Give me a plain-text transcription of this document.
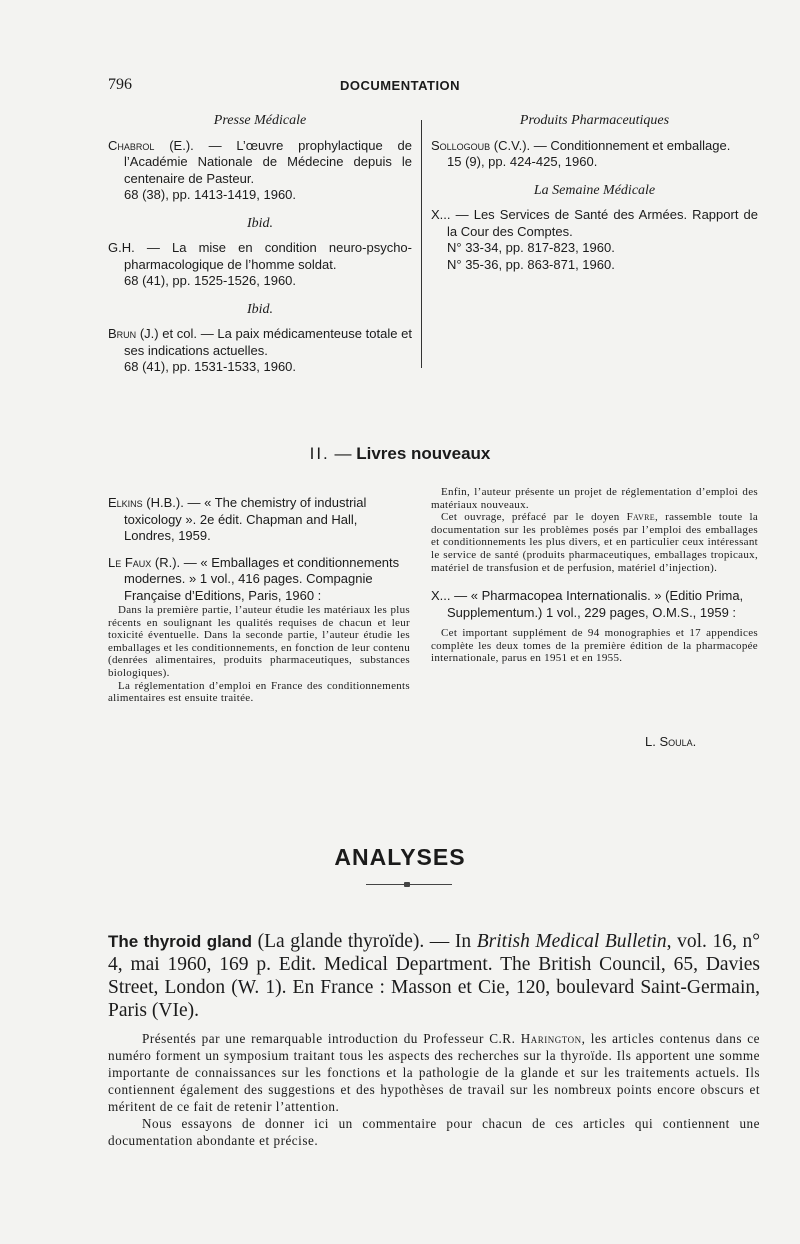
796	DOCUMENTATION
Presse Médicale
Chabrol (E.). — L’œuvre prophylactique de l’Académie Nationale de Médecine depuis le centenaire de Pasteur.
68 (38), pp. 1413-1419, 1960.
Ibid.
G.H. — La mise en condition neuro-psycho-pharmacologique de l’homme soldat.
68 (41), pp. 1525-1526, 1960.
Ibid.
Brun (J.) et col. — La paix médicamenteuse totale et ses indications actuelles.
68 (41), pp. 1531-1533, 1960.
Produits Pharmaceutiques
Sollogoub (C.V.). — Conditionnement et emballage.
15 (9), pp. 424-425, 1960.
La Semaine Médicale
X... — Les Services de Santé des Armées. Rapport de la Cour des Comptes.
N° 33-34, pp. 817-823, 1960.
N° 35-36, pp. 863-871, 1960.
II. — Livres nouveaux
Elkins (H.B.). — « The chemistry of industrial toxicology ». 2e édit. Chapman and Hall, Londres, 1959.
Le Faux (R.). — « Emballages et conditionnements modernes. » 1 vol., 416 pages. Compagnie Française d’Editions, Paris, 1960 :

Dans la première partie, l’auteur étudie les matériaux les plus récents en soulignant les qualités requises de chacun et leur toxicité éventuelle. Dans la seconde partie, l’auteur étudie les emballages et les conditionnements, en fonction de leur contenu (denrées alimentaires, produits pharmaceutiques, substances biologiques).

La réglementation d’emploi en France des conditionnements alimentaires est ensuite traitée.

Enfin, l’auteur présente un projet de réglementation d’emploi des matériaux nouveaux.

Cet ouvrage, préfacé par le doyen Favre, rassemble toute la documentation sur les problèmes posés par l’emploi des emballages et conditionnements les plus divers, et en particulier ceux intéressant le service de santé (produits pharmaceutiques, emballages tropicaux, matériel de transfusion et de perfusion, matériel d’injection).

X... — « Pharmacopea Internationalis. » (Editio Prima, Supplementum.) 1 vol., 229 pages, O.M.S., 1959 :

Cet important supplément de 94 monographies et 17 appendices complète les deux tomes de la première édition de la pharmacopée internationale, parus en 1951 et en 1955.

L. Soula.
ANALYSES
The thyroid gland (La glande thyroïde). — In British Medical Bulletin, vol. 16, n° 4, mai 1960, 169 p. Edit. Medical Department. The British Council, 65, Davies Street, London (W. 1). En France : Masson et Cie, 120, boulevard Saint-Germain, Paris (VIe).

Présentés par une remarquable introduction du Professeur C.R. Harington, les articles contenus dans ce numéro forment un symposium traitant tous les aspects des recherches sur la thyroïde. Ils apportent une somme importante de connaissances sur les fonctions et la pathologie de la glande et sur les traitements actuels. Ils contiennent également des suggestions et des hypothèses de travail sur les nombreux points encore obscurs et méritent de ce fait de retenir l’attention.

Nous essayons de donner ici un commentaire pour chacun de ces articles qui contiennent une documentation abondante et précise.
